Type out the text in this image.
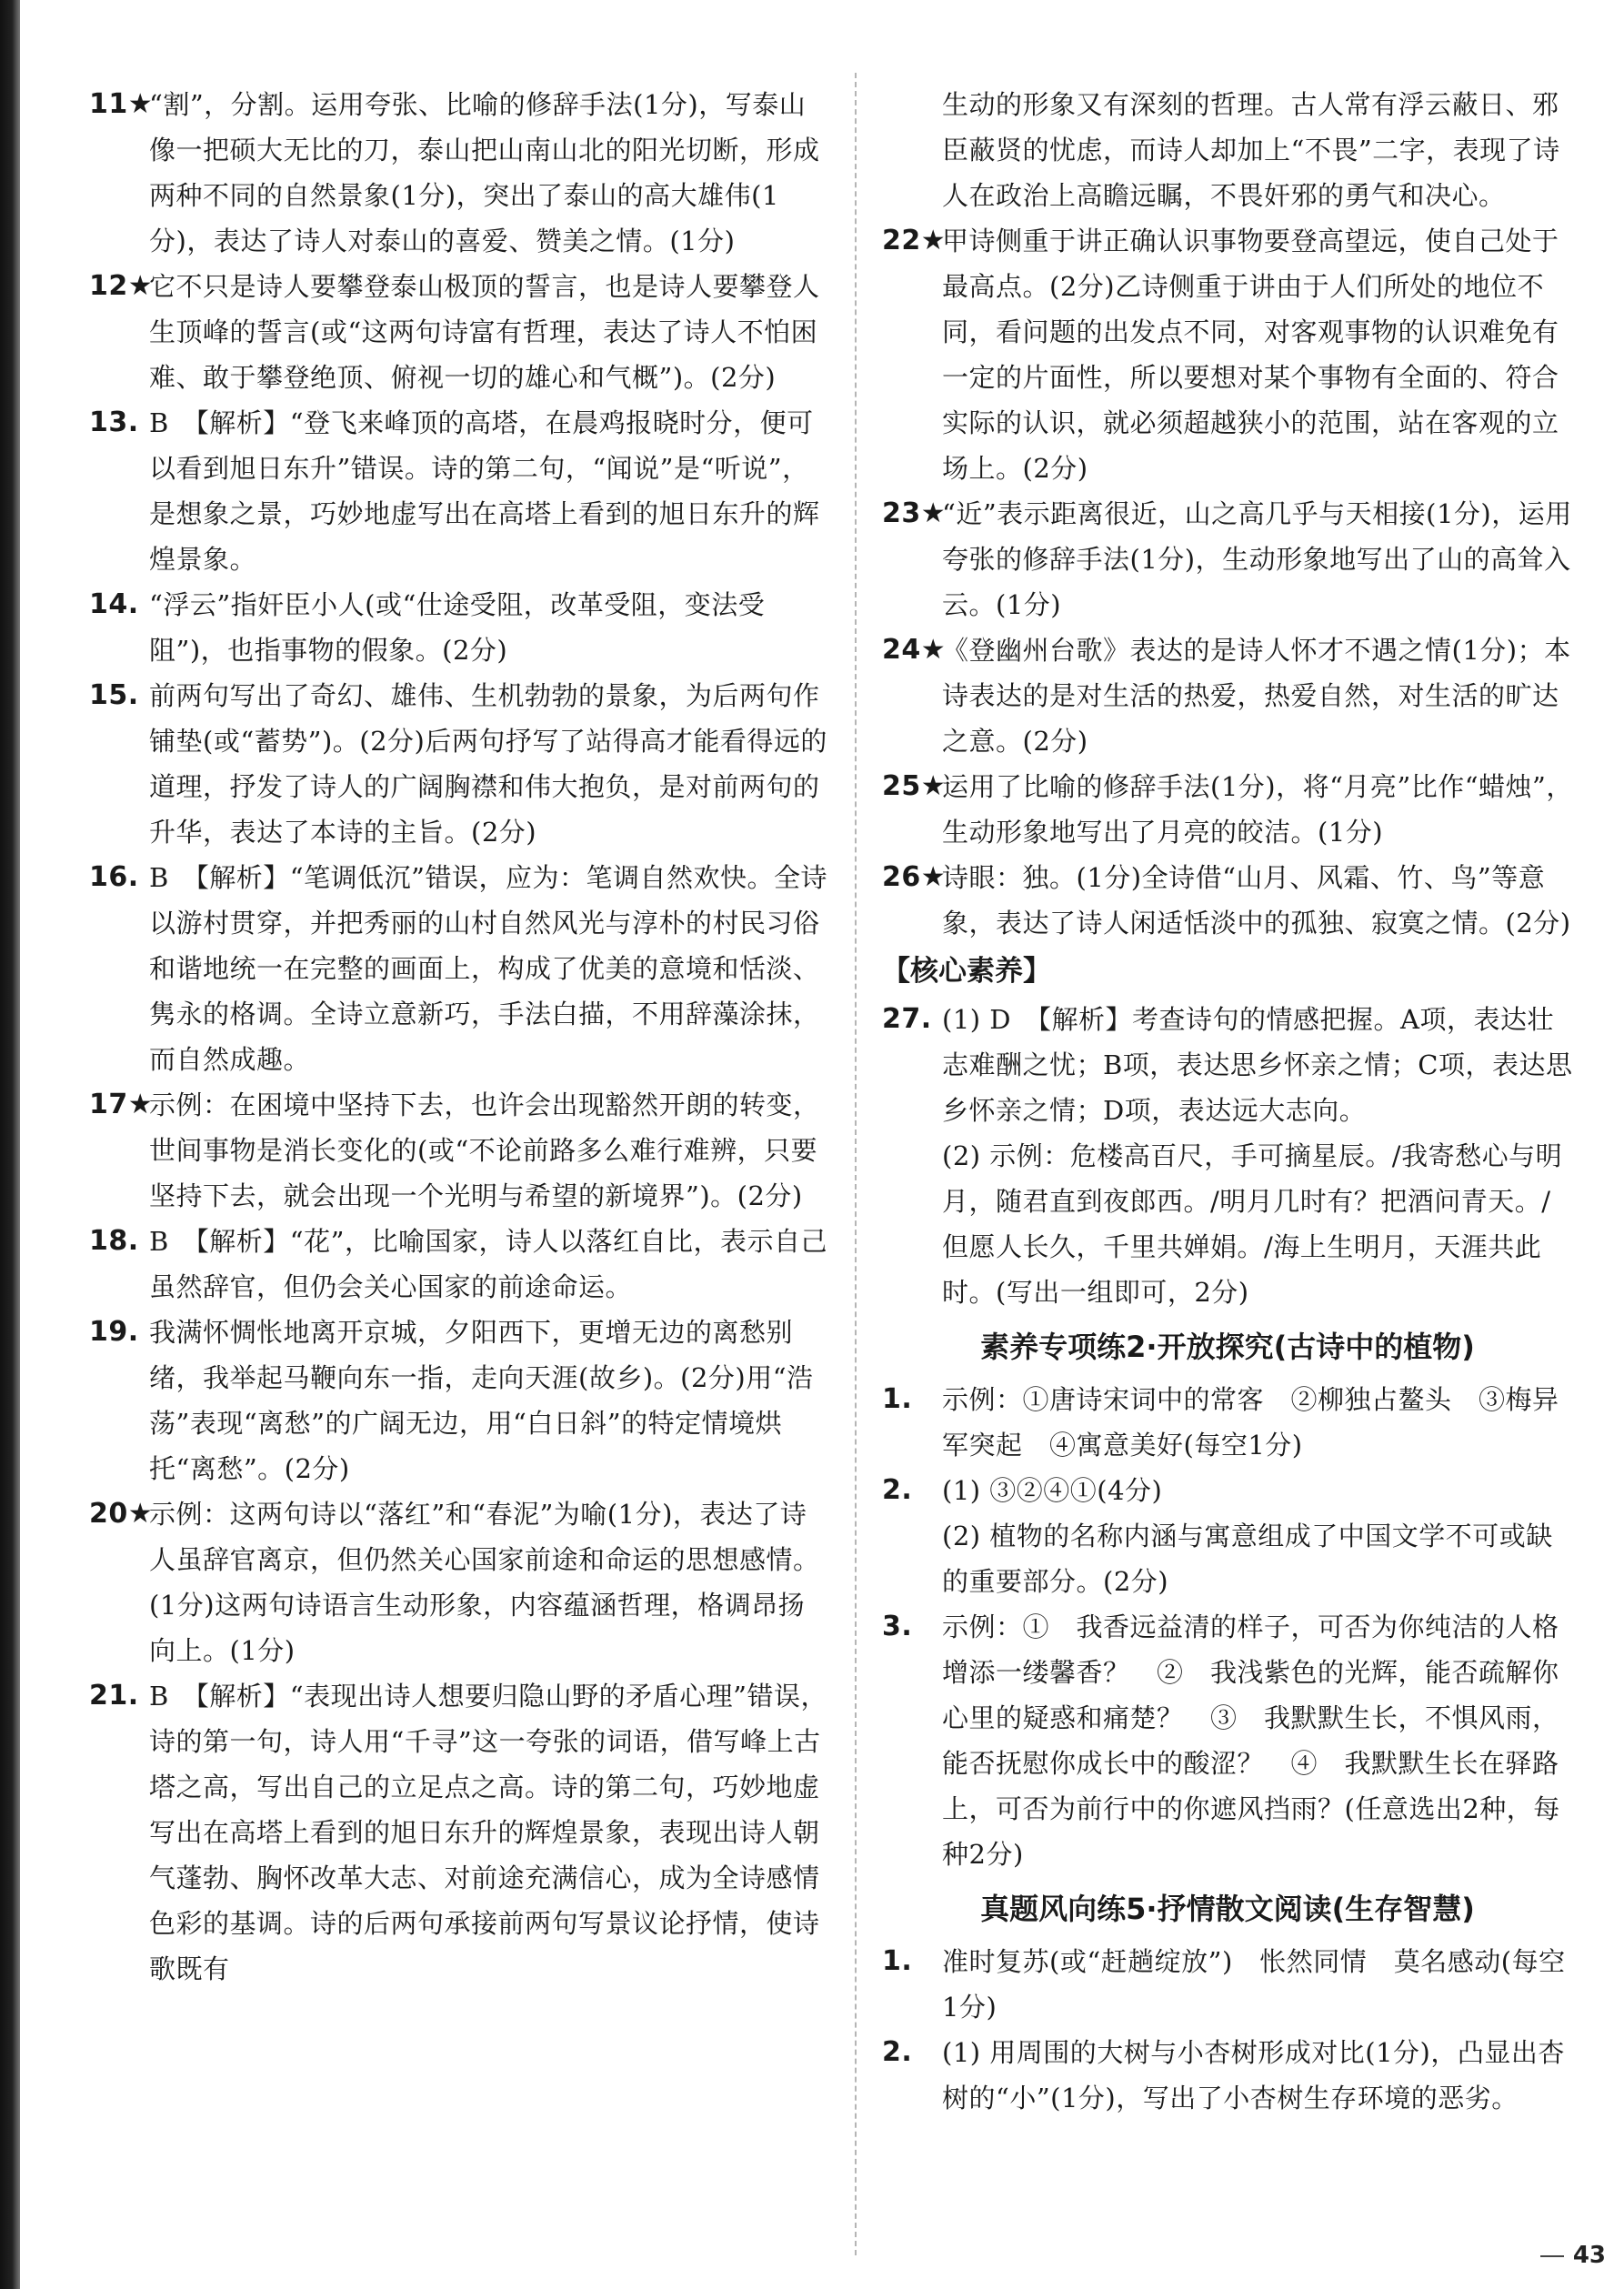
11★
“割”，分割。运用夸张、比喻的修辞手法(1分)，写泰山像一把硕大无比的刀，泰山把山南山北的阳光切断，形成两种不同的自然景象(1分)，突出了泰山的高大雄伟(1分)，表达了诗人对泰山的喜爱、赞美之情。(1分)
12★
它不只是诗人要攀登泰山极顶的誓言，也是诗人要攀登人生顶峰的誓言(或“这两句诗富有哲理，表达了诗人不怕困难、敢于攀登绝顶、俯视一切的雄心和气概”)。(2分)
13. B　【解析】“登飞来峰顶的高塔，在晨鸡报晓时分，便可以看到旭日东升”错误。诗的第二句，“闻说”是“听说”，是想象之景，巧妙地虚写出在高塔上看到的旭日东升的辉煌景象。
14. “浮云”指奸臣小人(或“仕途受阻，改革受阻，变法受阻”)，也指事物的假象。(2分)
15. 前两句写出了奇幻、雄伟、生机勃勃的景象，为后两句作铺垫(或“蓄势”)。(2分)后两句抒写了站得高才能看得远的道理，抒发了诗人的广阔胸襟和伟大抱负，是对前两句的升华，表达了本诗的主旨。(2分)
16. B　【解析】“笔调低沉”错误，应为：笔调自然欢快。全诗以游村贯穿，并把秀丽的山村自然风光与淳朴的村民习俗和谐地统一在完整的画面上，构成了优美的意境和恬淡、隽永的格调。全诗立意新巧，手法白描，不用辞藻涂抹，而自然成趣。
17★
示例：在困境中坚持下去，也许会出现豁然开朗的转变，世间事物是消长变化的(或“不论前路多么难行难辨，只要坚持下去，就会出现一个光明与希望的新境界”)。(2分)
18. B　【解析】“花”，比喻国家，诗人以落红自比，表示自己虽然辞官，但仍会关心国家的前途命运。
19. 我满怀惆怅地离开京城，夕阳西下，更增无边的离愁别绪，我举起马鞭向东一指，走向天涯(故乡)。(2分)用“浩荡”表现“离愁”的广阔无边，用“白日斜”的特定情境烘托“离愁”。(2分)
20★
示例：这两句诗以“落红”和“春泥”为喻(1分)，表达了诗人虽辞官离京，但仍然关心国家前途和命运的思想感情。(1分)这两句诗语言生动形象，内容蕴涵哲理，格调昂扬向上。(1分)
21. B　【解析】“表现出诗人想要归隐山野的矛盾心理”错误，诗的第一句，诗人用“千寻”这一夸张的词语，借写峰上古塔之高，写出自己的立足点之高。诗的第二句，巧妙地虚写出在高塔上看到的旭日东升的辉煌景象，表现出诗人朝气蓬勃、胸怀改革大志、对前途充满信心，成为全诗感情色彩的基调。诗的后两句承接前两句写景议论抒情，使诗歌既有
生动的形象又有深刻的哲理。古人常有浮云蔽日、邪臣蔽贤的忧虑，而诗人却加上“不畏”二字，表现了诗人在政治上高瞻远瞩，不畏奸邪的勇气和决心。
22★
甲诗侧重于讲正确认识事物要登高望远，使自己处于最高点。(2分)乙诗侧重于讲由于人们所处的地位不同，看问题的出发点不同，对客观事物的认识难免有一定的片面性，所以要想对某个事物有全面的、符合实际的认识，就必须超越狭小的范围，站在客观的立场上。(2分)
23★
“近”表示距离很近，山之高几乎与天相接(1分)，运用夸张的修辞手法(1分)，生动形象地写出了山的高耸入云。(1分)
24★
《登幽州台歌》表达的是诗人怀才不遇之情(1分)；本诗表达的是对生活的热爱，热爱自然，对生活的旷达之意。(2分)
25★
运用了比喻的修辞手法(1分)，将“月亮”比作“蜡烛”，生动形象地写出了月亮的皎洁。(1分)
26★
诗眼：独。(1分)全诗借“山月、风霜、竹、鸟”等意象，表达了诗人闲适恬淡中的孤独、寂寞之情。(2分)
【核心素养】
27. (1) D　【解析】考查诗句的情感把握。A项，表达壮志难酬之忧；B项，表达思乡怀亲之情；C项，表达思乡怀亲之情；D项，表达远大志向。
(2) 示例：危楼高百尺，手可摘星辰。/我寄愁心与明月，随君直到夜郎西。/明月几时有？把酒问青天。/但愿人长久，千里共婵娟。/海上生明月，天涯共此时。(写出一组即可，2分)
素养专项练2·开放探究(古诗中的植物)
1. 示例：①唐诗宋词中的常客　②柳独占鳌头　③梅异军突起　④寓意美好(每空1分)
2. (1) ③②④①(4分)
(2) 植物的名称内涵与寓意组成了中国文学不可或缺的重要部分。(2分)
3. 示例：①　我香远益清的样子，可否为你纯洁的人格增添一缕馨香？　②　我浅紫色的光辉，能否疏解你心里的疑惑和痛楚？　③　我默默生长，不惧风雨，能否抚慰你成长中的酸涩？　④　我默默生长在驿路上，可否为前行中的你遮风挡雨？(任意选出2种，每种2分)
真题风向练5·抒情散文阅读(生存智慧)
1. 准时复苏(或“赶趟绽放”)　怅然同情　莫名感动(每空1分)
2. (1) 用周围的大树与小杏树形成对比(1分)，凸显出杏树的“小”(1分)，写出了小杏树生存环境的恶劣。
43
